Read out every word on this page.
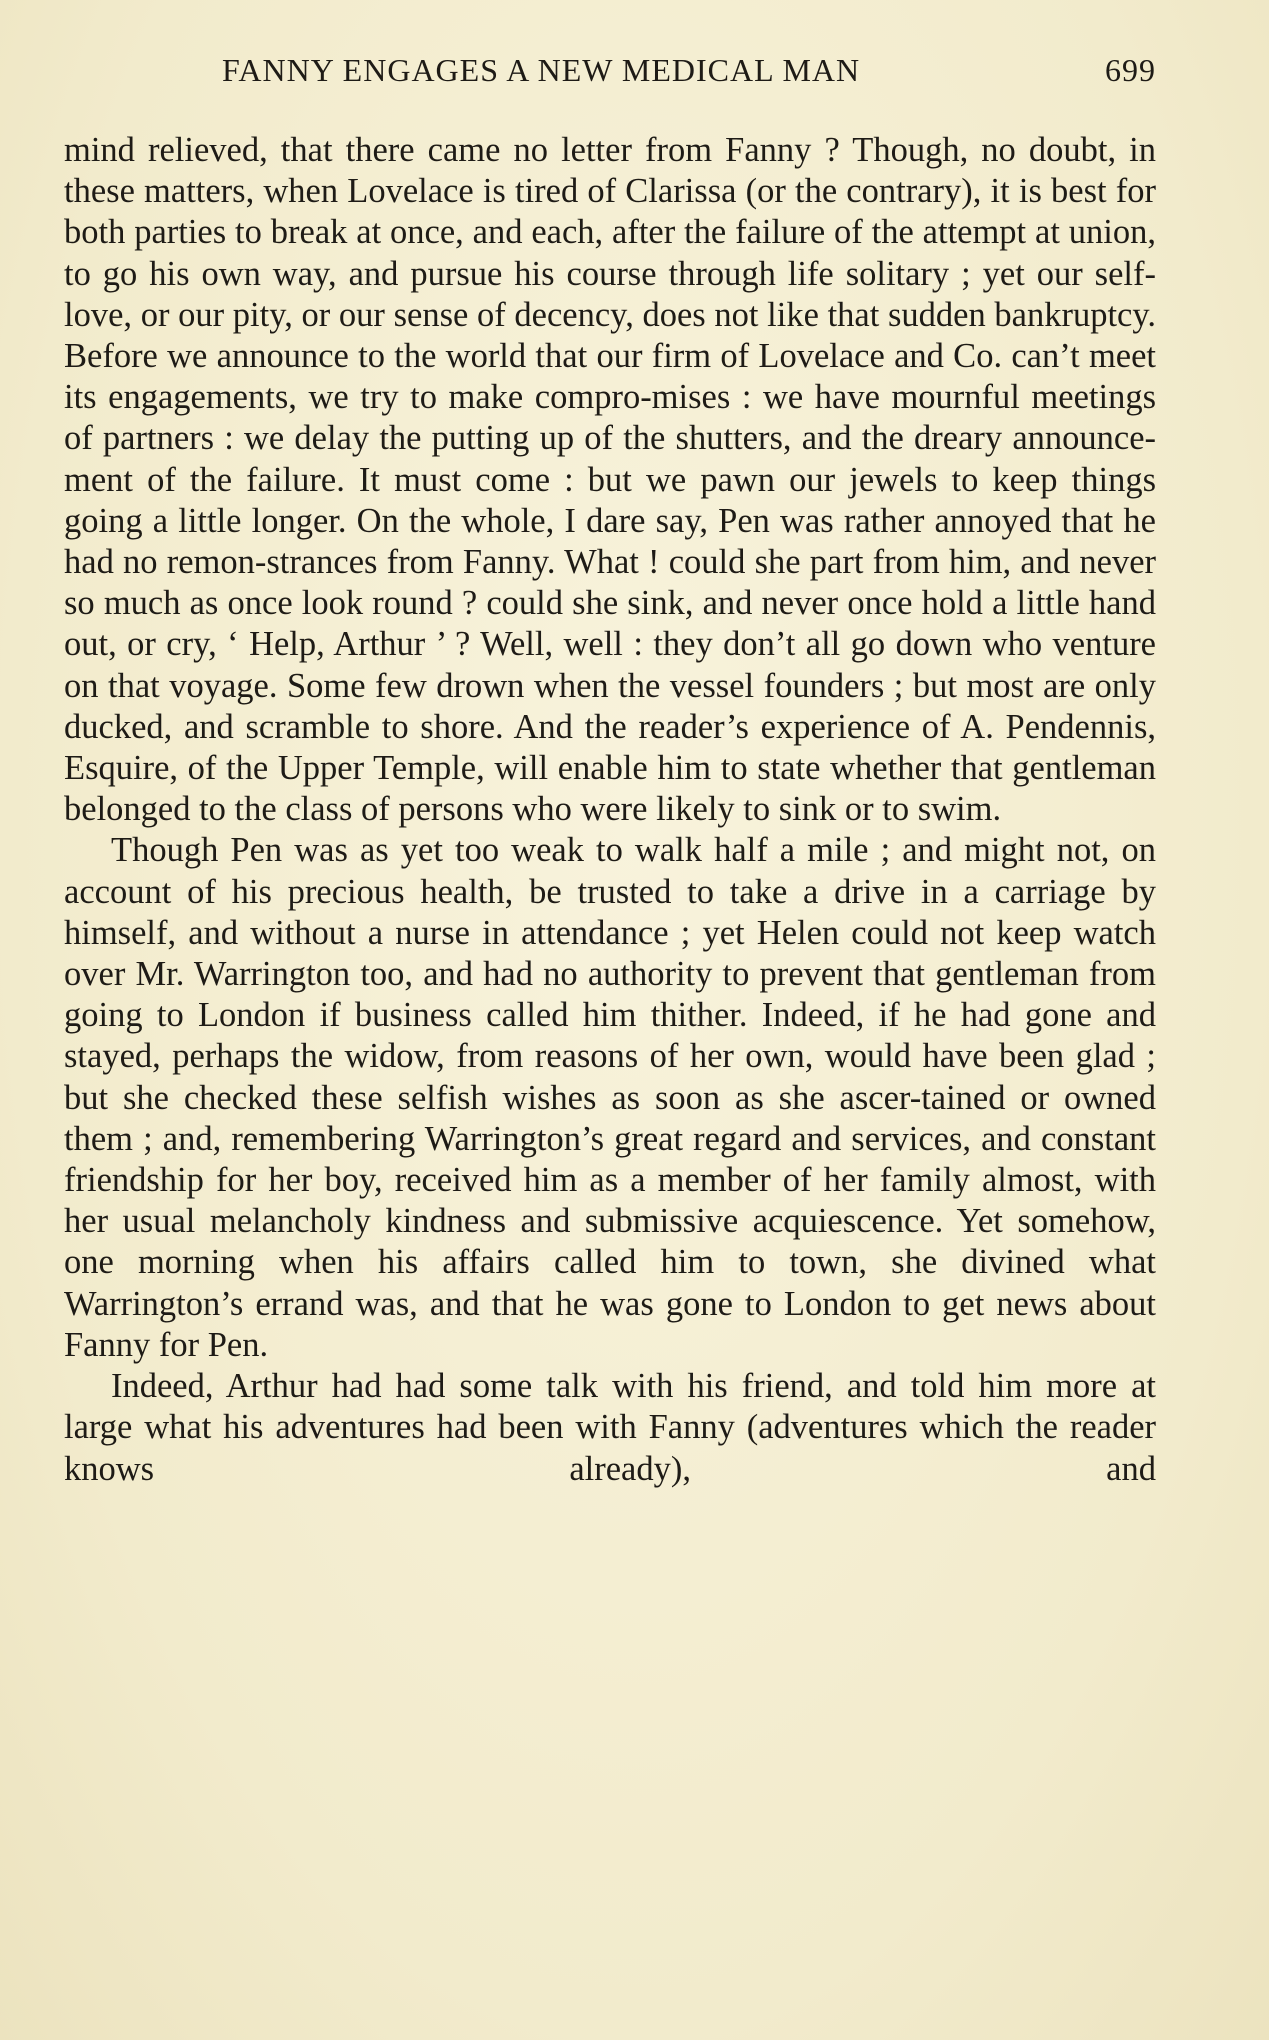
FANNY ENGAGES A NEW MEDICAL MAN	699

mind relieved, that there came no letter from Fanny ? Though, no doubt, in these matters, when Lovelace is tired of Clarissa (or the contrary), it is best for both parties to break at once, and each, after the failure of the attempt at union, to go his own way, and pursue his course through life solitary ; yet our self-love, or our pity, or our sense of decency, does not like that sudden bankruptcy. Before we announce to the world that our firm of Lovelace and Co. can’t meet its engagements, we try to make compro-mises : we have mournful meetings of partners : we delay the putting up of the shutters, and the dreary announce-ment of the failure. It must come : but we pawn our jewels to keep things going a little longer. On the whole, I dare say, Pen was rather annoyed that he had no remon-strances from Fanny. What ! could she part from him, and never so much as once look round ? could she sink, and never once hold a little hand out, or cry, ‘ Help, Arthur ’ ? Well, well : they don’t all go down who venture on that voyage. Some few drown when the vessel founders ; but most are only ducked, and scramble to shore. And the reader’s experience of A. Pendennis, Esquire, of the Upper Temple, will enable him to state whether that gentleman belonged to the class of persons who were likely to sink or to swim.

Though Pen was as yet too weak to walk half a mile ; and might not, on account of his precious health, be trusted to take a drive in a carriage by himself, and without a nurse in attendance ; yet Helen could not keep watch over Mr. Warrington too, and had no authority to prevent that gentleman from going to London if business called him thither. Indeed, if he had gone and stayed, perhaps the widow, from reasons of her own, would have been glad ; but she checked these selfish wishes as soon as she ascer-tained or owned them ; and, remembering Warrington’s great regard and services, and constant friendship for her boy, received him as a member of her family almost, with her usual melancholy kindness and submissive acquiescence. Yet somehow, one morning when his affairs called him to town, she divined what Warrington’s errand was, and that he was gone to London to get news about Fanny for Pen.

Indeed, Arthur had had some talk with his friend, and told him more at large what his adventures had been with Fanny (adventures which the reader knows already), and
